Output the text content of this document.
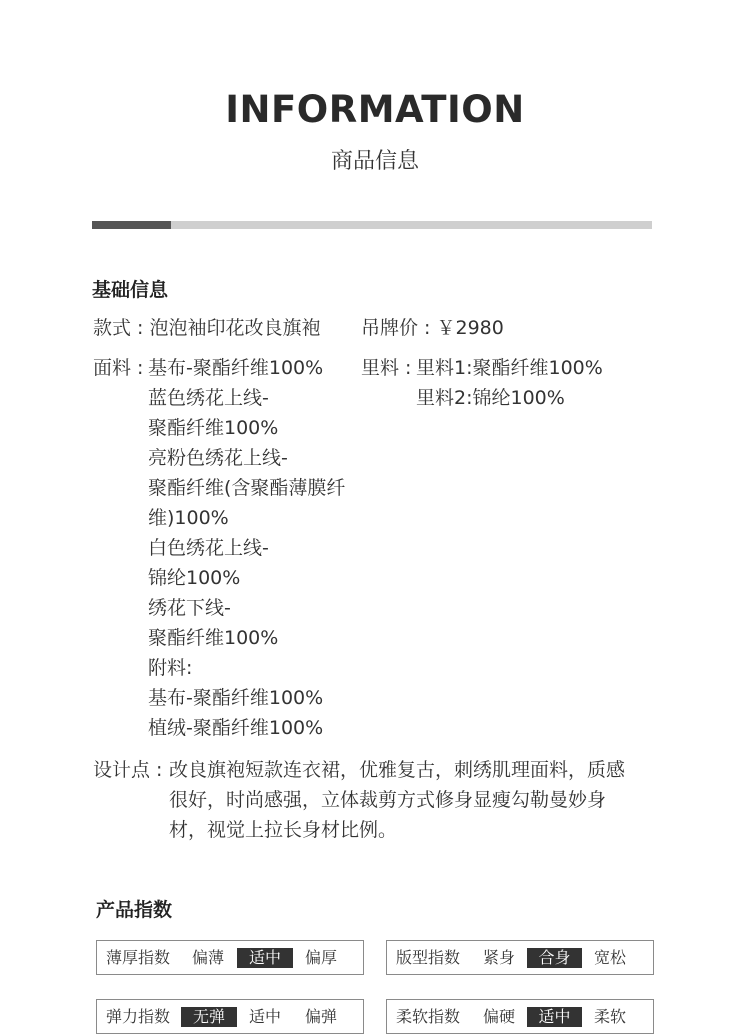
INFORMATION
商品信息
基础信息
款式 : 泡泡袖印花改良旗袍 吊牌价 : ￥2980
面料 : 基布-聚酯纤维100%
蓝色绣花上线-
聚酯纤维100%
亮粉色绣花上线-
聚酯纤维(含聚酯薄膜纤
维)100%
白色绣花上线-
锦纶100%
绣花下线-
聚酯纤维100%
附料:
基布-聚酯纤维100%
植绒-聚酯纤维100%
里料 : 里料1:聚酯纤维100%
里料2:锦纶100%
设计点 : 改良旗袍短款连衣裙，优雅复古，刺绣肌理面料，质感
很好，时尚感强，立体裁剪方式修身显瘦勾勒曼妙身
材，视觉上拉长身材比例。
产品指数
薄厚指数 偏薄	适中	偏厚	版型指数 紧身	合身	宽松
弹力指数	无弹	适中 偏弹	柔软指数 偏硬	适中	柔软
